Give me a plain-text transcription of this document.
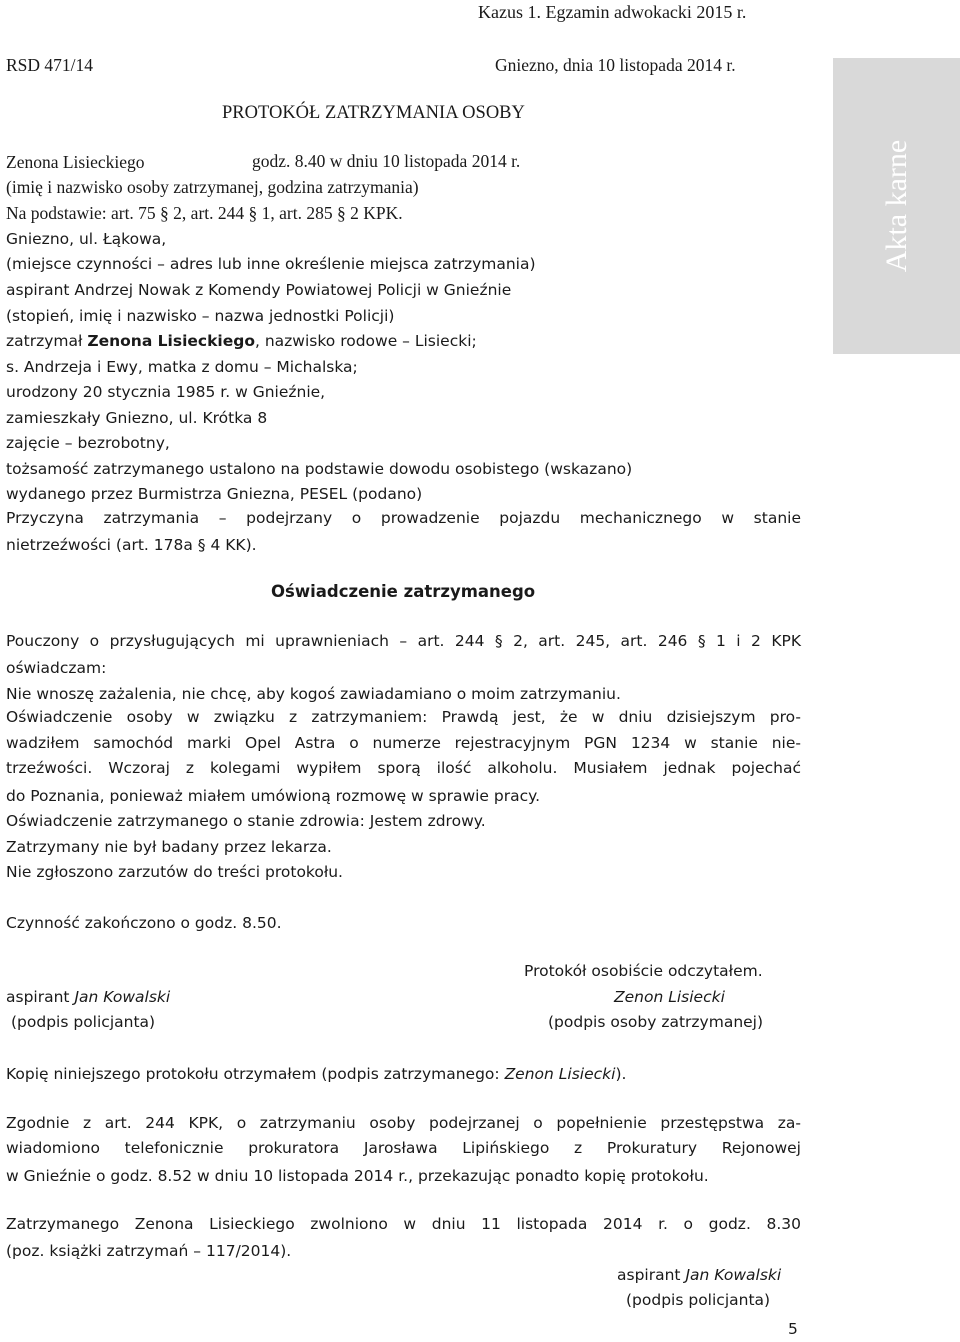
Kazus 1. Egzamin adwokacki 2015 r.
Akta karne
RSD 471/14	Gniezno, dnia 10 listopada 2014 r.
PROTOKÓŁ ZATRZYMANIA OSOBY
Zenona Lisieckiego	godz. 8.40 w dniu 10 listopada 2014 r.
(imię i nazwisko osoby zatrzymanej, godzina zatrzymania)
Na podstawie: art. 75 § 2, art. 244 § 1, art. 285 § 2 KPK.
Gniezno, ul. Łąkowa,
(miejsce czynności – adres lub inne określenie miejsca zatrzymania)
aspirant Andrzej Nowak z Komendy Powiatowej Policji w Gnieźnie
(stopień, imię i nazwisko – nazwa jednostki Policji)
zatrzymał Zenona Lisieckiego, nazwisko rodowe – Lisiecki;
s. Andrzeja i Ewy, matka z domu – Michalska;
urodzony 20 stycznia 1985 r. w Gnieźnie,
zamieszkały Gniezno, ul. Krótka 8
zajęcie – bezrobotny,
tożsamość zatrzymanego ustalono na podstawie dowodu osobistego (wskazano)
wydanego przez Burmistrza Gniezna, PESEL (podano)
Przyczyna zatrzymania – podejrzany o prowadzenie pojazdu mechanicznego w stanie
nietrzeźwości (art. 178a § 4 KK).
Oświadczenie zatrzymanego
Pouczony o przysługujących mi uprawnieniach – art. 244 § 2, art. 245, art. 246 § 1 i 2 KPK
oświadczam:
Nie wnoszę zażalenia, nie chcę, aby kogoś zawiadamiano o moim zatrzymaniu.
Oświadczenie osoby w związku z zatrzymaniem: Prawdą jest, że w dniu dzisiejszym pro-
wadziłem samochód marki Opel Astra o numerze rejestracyjnym PGN 1234 w stanie nie-
trzeźwości. Wczoraj z kolegami wypiłem sporą ilość alkoholu. Musiałem jednak pojechać
do Poznania, ponieważ miałem umówioną rozmowę w sprawie pracy.
Oświadczenie zatrzymanego o stanie zdrowia: Jestem zdrowy.
Zatrzymany nie był badany przez lekarza.
Nie zgłoszono zarzutów do treści protokołu.
Czynność zakończono o godz. 8.50.
Protokół osobiście odczytałem.
aspirant Jan Kowalski	Zenon Lisiecki
(podpis policjanta)	(podpis osoby zatrzymanej)
Kopię niniejszego protokołu otrzymałem (podpis zatrzymanego: Zenon Lisiecki).
Zgodnie z art. 244 KPK, o zatrzymaniu osoby podejrzanej o popełnienie przestępstwa za-
wiadomiono telefonicznie prokuratora Jarosława Lipińskiego z Prokuratury Rejonowej
w Gnieźnie o godz. 8.52 w dniu 10 listopada 2014 r., przekazując ponadto kopię protokołu.
Zatrzymanego Zenona Lisieckiego zwolniono w dniu 11 listopada 2014 r. o godz. 8.30
(poz. książki zatrzymań – 117/2014).
aspirant Jan Kowalski
(podpis policjanta)
5
